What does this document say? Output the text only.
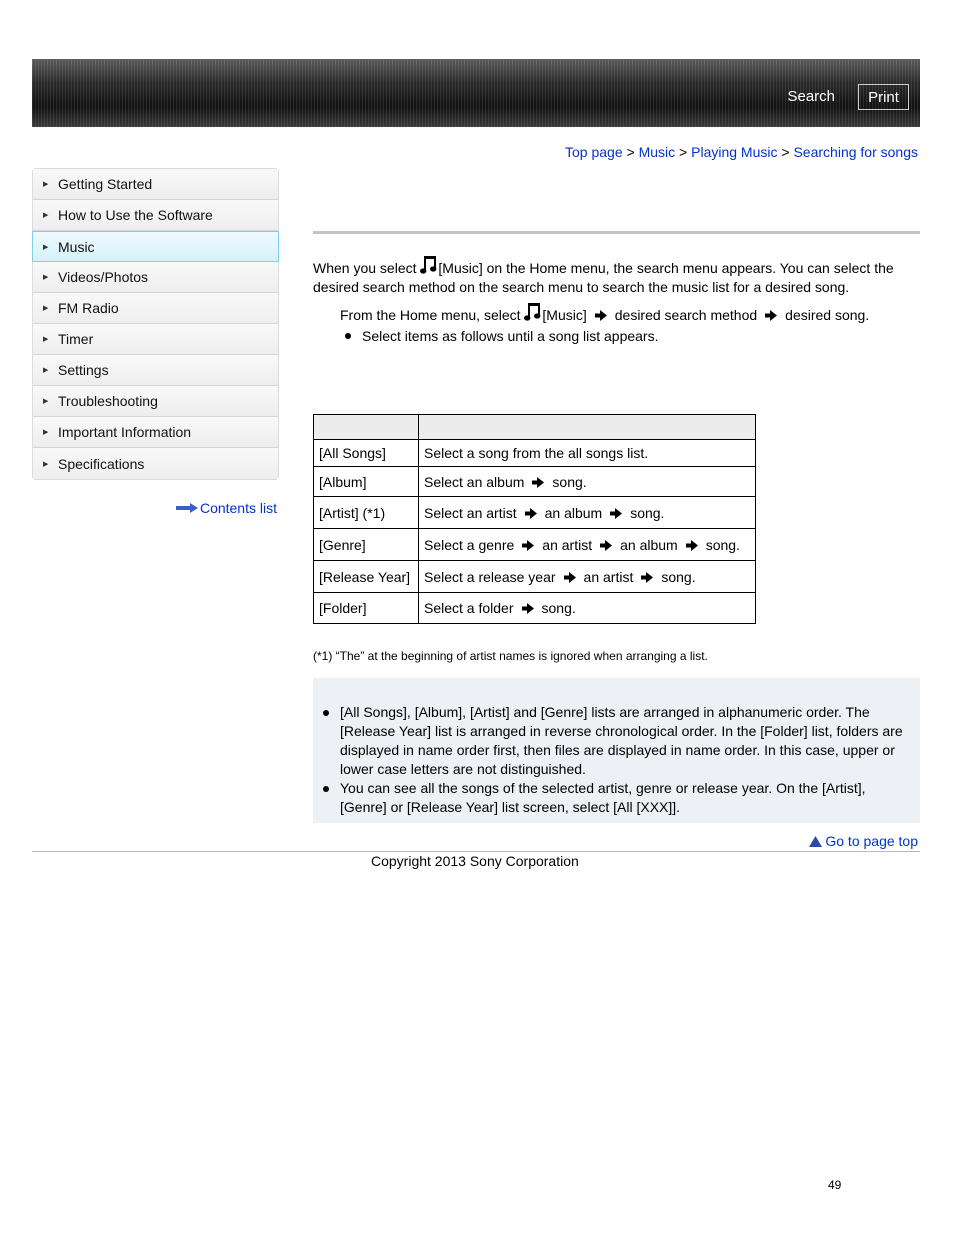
Search	Print
Top page > Music > Playing Music > Searching for songs
▶ Getting Started
▶ How to Use the Software
▶ Music
▶ Videos/Photos
▶ FM Radio
▶ Timer
▶ Settings
▶ Troubleshooting
▶ Important Information
▶ Specifications
Contents list
When you select [Music] on the Home menu, the search menu appears. You can select the desired search method on the search menu to search the music list for a desired song.
From the Home menu, select [Music] desired search method desired song.
Select items as follows until a song list appears.

[All Songs]	Select a song from the all songs list.
[Album]	Select an album song.
[Artist] (*1)	Select an artist an album song.
[Genre]	Select a genre an artist an album song.
[Release Year]	Select a release year an artist song.
[Folder]	Select a folder song.
(*1) “The” at the beginning of artist names is ignored when arranging a list.
[All Songs], [Album], [Artist] and [Genre] lists are arranged in alphanumeric order. The [Release Year] list is arranged in reverse chronological order. In the [Folder] list, folders are displayed in name order first, then files are displayed in name order. In this case, upper or lower case letters are not distinguished.
You can see all the songs of the selected artist, genre or release year. On the [Artist], [Genre] or [Release Year] list screen, select [All [XXX]].
Go to page top
Copyright 2013 Sony Corporation
49
